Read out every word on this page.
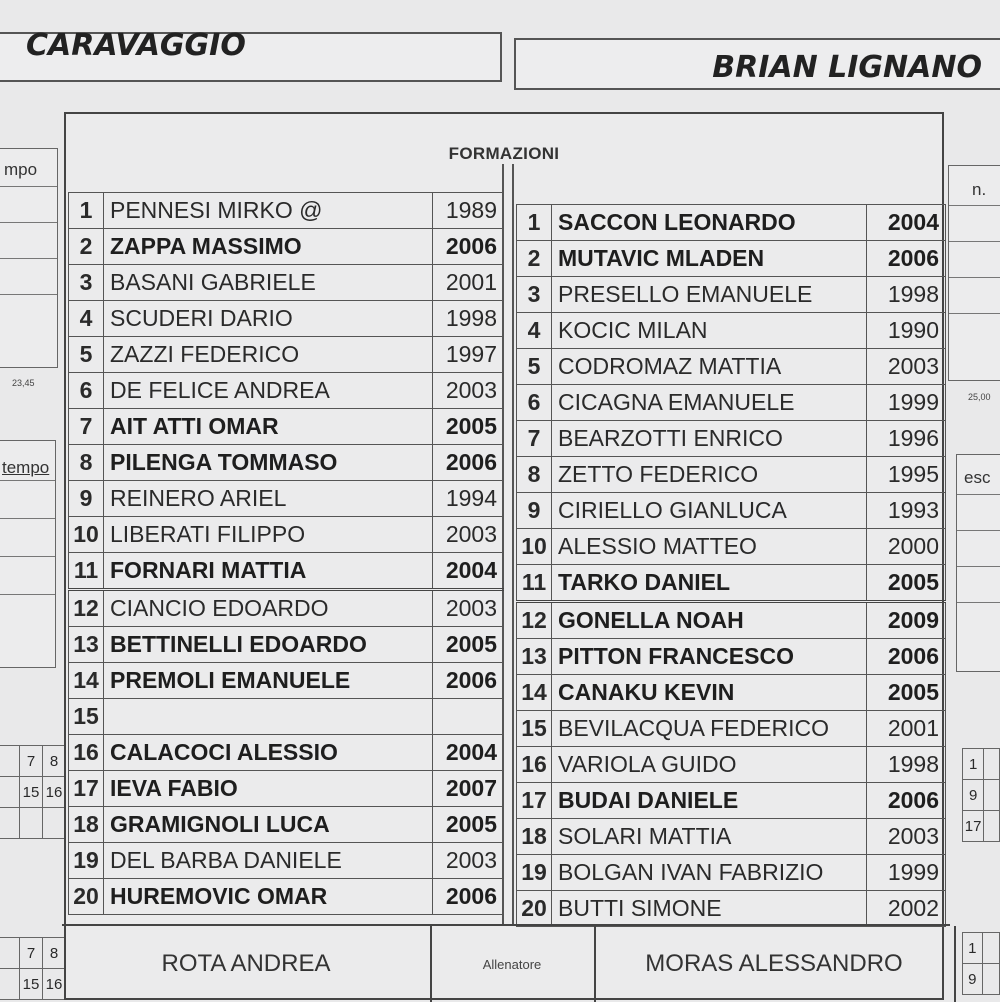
CARAVAGGIO
BRIAN LIGNANO
mpo
23,45
tempo
	7	8
	15	16

	7	8
	15	16
n.
25,00
esc
1	
9	
17	
1	
9	
FORMAZIONI
1	PENNESI MIRKO @	1989
2	ZAPPA MASSIMO	2006
3	BASANI GABRIELE	2001
4	SCUDERI DARIO	1998
5	ZAZZI FEDERICO	1997
6	DE FELICE ANDREA	2003
7	AIT ATTI OMAR	2005
8	PILENGA TOMMASO	2006
9	REINERO ARIEL	1994
10	LIBERATI FILIPPO	2003
11	FORNARI MATTIA	2004
12	CIANCIO EDOARDO	2003
13	BETTINELLI EDOARDO	2005
14	PREMOLI EMANUELE	2006
15		
16	CALACOCI ALESSIO	2004
17	IEVA FABIO	2007
18	GRAMIGNOLI LUCA	2005
19	DEL BARBA DANIELE	2003
20	HUREMOVIC OMAR	2006
1	SACCON LEONARDO	2004
2	MUTAVIC MLADEN	2006
3	PRESELLO EMANUELE	1998
4	KOCIC MILAN	1990
5	CODROMAZ MATTIA	2003
6	CICAGNA EMANUELE	1999
7	BEARZOTTI ENRICO	1996
8	ZETTO FEDERICO	1995
9	CIRIELLO GIANLUCA	1993
10	ALESSIO MATTEO	2000
11	TARKO DANIEL	2005
12	GONELLA NOAH	2009
13	PITTON FRANCESCO	2006
14	CANAKU KEVIN	2005
15	BEVILACQUA FEDERICO	2001
16	VARIOLA GUIDO	1998
17	BUDAI DANIELE	2006
18	SOLARI MATTIA	2003
19	BOLGAN IVAN FABRIZIO	1999
20	BUTTI SIMONE	2002
ROTA ANDREA	Allenatore	MORAS ALESSANDRO
